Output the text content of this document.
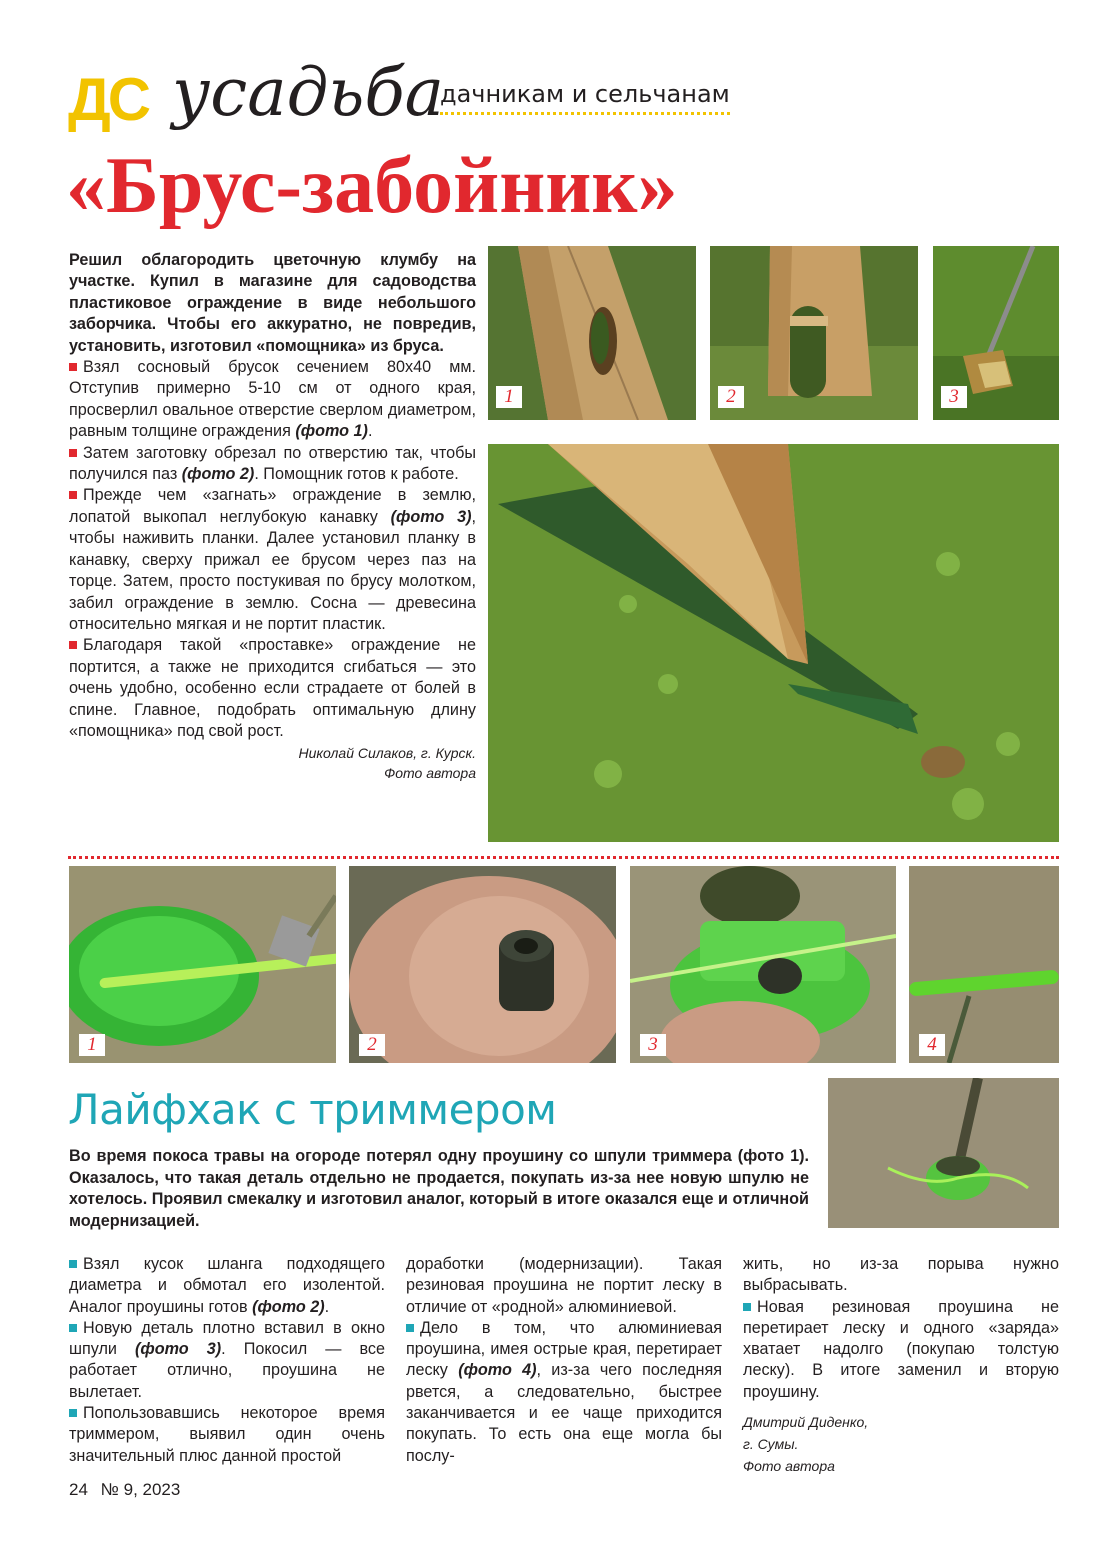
ДС усадьба
дачникам и сельчанам
«Брус-забойник»

Решил облагородить цветочную клумбу на участке. Купил в магазине для садоводства пластиковое ограждение в виде небольшого заборчика. Чтобы его аккуратно, не повредив, установить, изготовил «помощника» из бруса.

Взял сосновый брусок сечением 80х40 мм. Отступив примерно 5-10 см от одного края, просверлил овальное отверстие сверлом диаметром, равным толщине ограждения (фото 1).

Затем заготовку обрезал по отверстию так, чтобы получился паз (фото 2). Помощник готов к работе.

Прежде чем «загнать» ограждение в землю, лопатой выкопал неглубокую канавку (фото 3), чтобы наживить планки. Далее установил планку в канавку, сверху прижал ее брусом через паз на торце. Затем, просто постукивая по брусу молотком, забил ограждение в землю. Сосна — древесина относительно мягкая и не портит пластик.

Благодаря такой «проставке» ограждение не портится, а также не приходится сгибаться — это очень удобно, особенно если страдаете от болей в спине. Главное, подобрать оптимальную длину «помощника» под свой рост.

Николай Силаков, г. Курск.

Фото автора

1	2	3
1	2	3	4
Лайфхак с триммером

Во время покоса травы на огороде потерял одну проушину со шпули триммера (фото 1). Оказалось, что такая деталь отдельно не продается, покупать из-за нее новую шпулю не хотелось. Проявил смекалку и изготовил аналог, который в итоге оказался еще и отличной модернизацией.

Взял кусок шланга подходящего диаметра и обмотал его изолентой. Аналог проушины готов (фото 2).

Новую деталь плотно вставил в окно шпули (фото 3). Покосил — все работает отлично, проушина не вылетает.

Попользовавшись некоторое время триммером, выявил один очень значительный плюс данной простой

доработки (модернизации). Такая резиновая проушина не портит леску в отличие от «родной» алюминиевой.

Дело в том, что алюминиевая проушина, имея острые края, перетирает леску (фото 4), из-за чего последняя рвется, а следовательно, быстрее заканчивается и ее чаще приходится покупать. То есть она еще могла бы послу-

жить, но из-за порыва нужно выбрасывать.

Новая резиновая проушина не перетирает леску и одного «заряда» хватает надолго (покупаю толстую леску). В итоге заменил и вторую проушину.

Дмитрий Диденко,

г. Сумы.

Фото автора

24 № 9, 2023
